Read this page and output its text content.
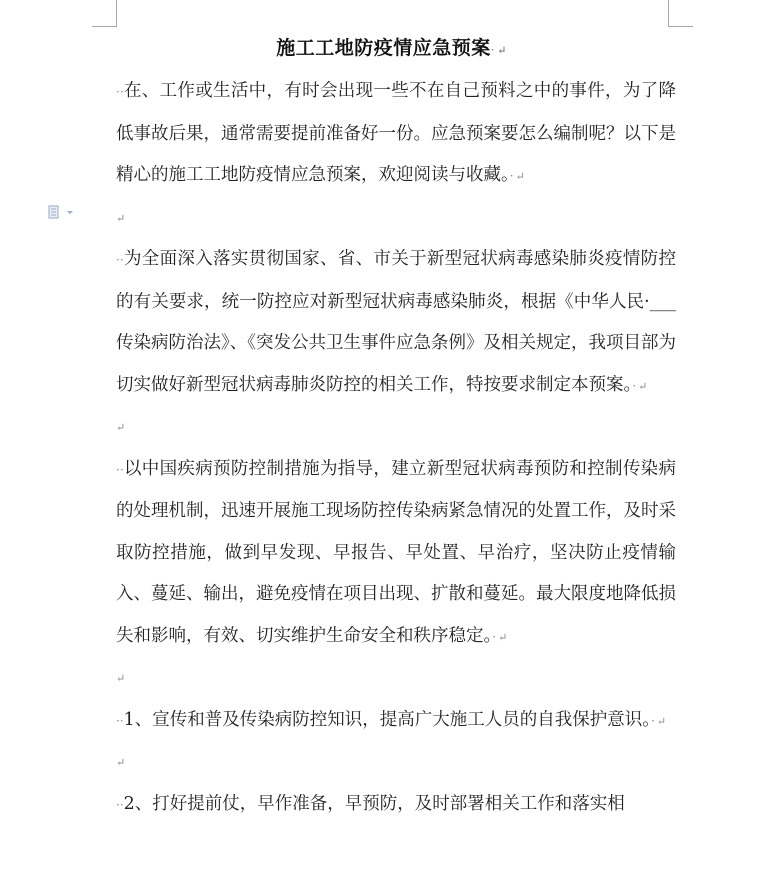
施工工地防疫情应急预案· ↵

··在、工作或生活中，有时会出现一些不在自己预料之中的事件，为了降低事故后果，通常需要提前准备好一份。应急预案要怎么编制呢？以下是精心的施工工地防疫情应急预案，欢迎阅读与收藏。· ↵

↵

··为全面深入落实贯彻国家、省、市关于新型冠状病毒感染肺炎疫情防控的有关要求，统一防控应对新型冠状病毒感染肺炎，根据《中华人民·___传染病防治法》、《突发公共卫生事件应急条例》及相关规定，我项目部为切实做好新型冠状病毒肺炎防控的相关工作，特按要求制定本预案。· ↵

↵

··以中国疾病预防控制措施为指导，建立新型冠状病毒预防和控制传染病的处理机制，迅速开展施工现场防控传染病紧急情况的处置工作，及时采取防控措施，做到早发现、早报告、早处置、早治疗，坚决防止疫情输入、蔓延、输出，避免疫情在项目出现、扩散和蔓延。最大限度地降低损失和影响，有效、切实维护生命安全和秩序稳定。· ↵

↵

··1、宣传和普及传染病防控知识，提高广大施工人员的自我保护意识。· ↵

↵

··2、打好提前仗，早作准备，早预防，及时部署相关工作和落实相
